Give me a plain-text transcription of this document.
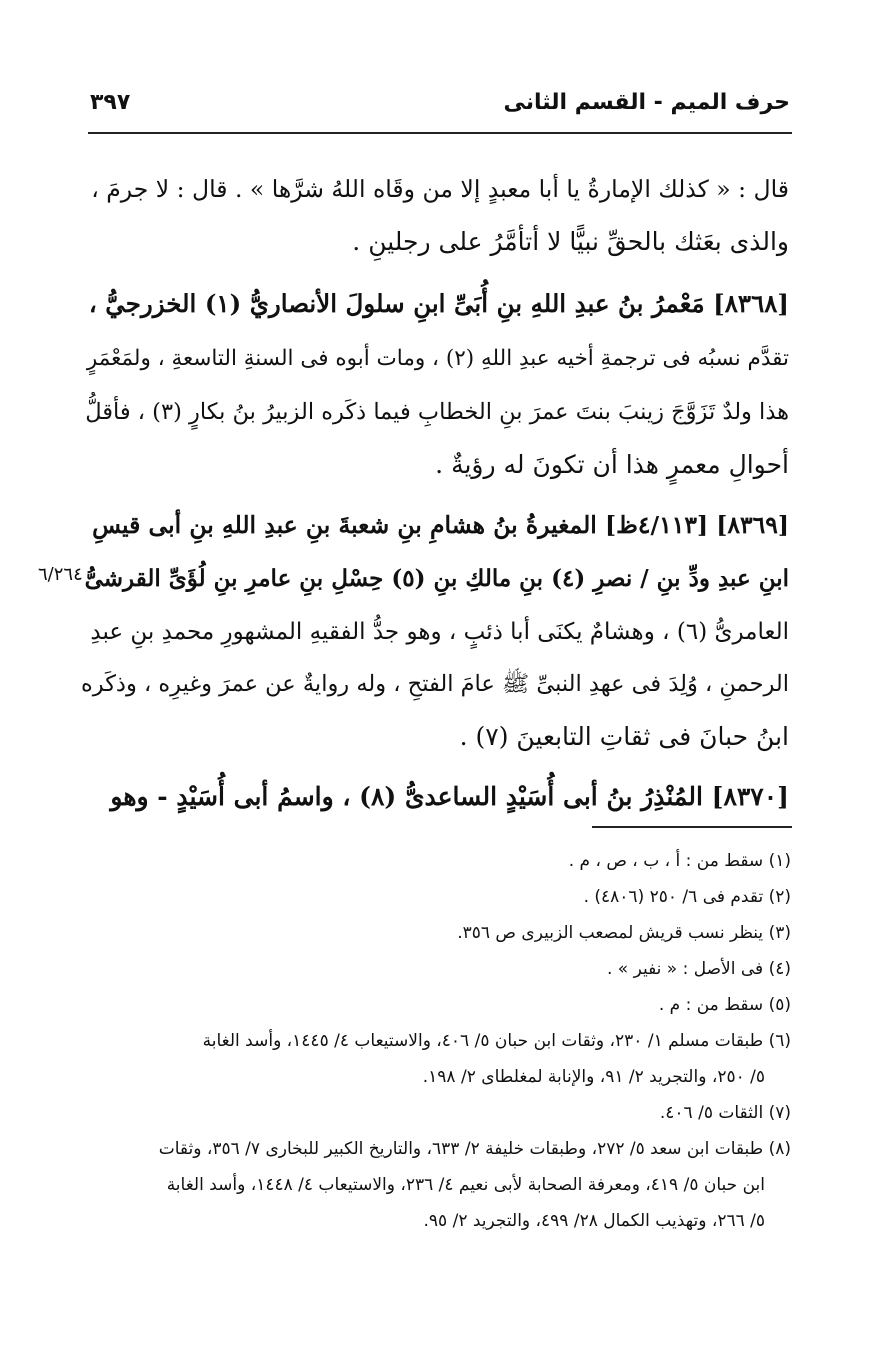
حرف الميم - القسم الثانى
٣٩٧
قال : « كذلك الإمارةُ يا أبا معبدٍ إلا من وقَاه اللهُ شرَّها » . قال : لا جرمَ ،
والذى بعَثك بالحقِّ نبيًّا لا أتأمَّرُ على رجلينِ .
[٨٣٦٨] مَعْمرُ بنُ عبدِ اللهِ بنِ أُبَىِّ ابنِ سلولَ الأنصاريُّ (١) الخزرجيُّ ،
تقدَّم نسبُه فى ترجمةِ أخيه عبدِ اللهِ (٢) ، ومات أبوه فى السنةِ التاسعةِ ، ولمَعْمَرٍ
هذا ولدٌ تَزَوَّجَ زينبَ بنتَ عمرَ بنِ الخطابِ فيما ذكَره الزبيرُ بنُ بكارٍ (٣) ، فأقلُّ
أحوالِ معمرٍ هذا أن تكونَ له رؤيةٌ .
[٨٣٦٩] [٤/١١٣ظ] المغيرةُ بنُ هشامِ بنِ شعبةَ بنِ عبدِ اللهِ بنِ أبى قيسِ
ابنِ عبدِ ودِّ بنِ / نصرِ (٤) بنِ مالكِ بنِ (٥) حِسْلِ بنِ عامرِ بنِ لُؤَىِّ القرشىُّ
العامرىُّ (٦) ، وهشامٌ يكنَى أبا ذئبٍ ، وهو جدُّ الفقيهِ المشهورِ محمدِ بنِ عبدِ
الرحمنِ ، وُلِدَ فى عهدِ النبىِّ ﷺ عامَ الفتحِ ، وله روايةٌ عن عمرَ وغيرِه ، وذكَره
ابنُ حبانَ فى ثقاتِ التابعينَ (٧) .
[٨٣٧٠] المُنْذِرُ بنُ أبى أُسَيْدٍ الساعدىُّ (٨) ، واسمُ أبى أُسَيْدٍ - وهو
٦/٢٦٤
(١) سقط من : أ ، ب ، ص ، م .
(٢) تقدم فى ٦/ ٢٥٠ (٤٨٠٦) .
(٣) ينظر نسب قريش لمصعب الزبيرى ص ٣٥٦.
(٤) فى الأصل : « نفير » .
(٥) سقط من : م .
(٦) طبقات مسلم ١/ ٢٣٠، وثقات ابن حبان ٥/ ٤٠٦، والاستيعاب ٤/ ١٤٤٥، وأسد الغابة
٥/ ٢٥٠، والتجريد ٢/ ٩١، والإنابة لمغلطاى ٢/ ١٩٨.
(٧) الثقات ٥/ ٤٠٦.
(٨) طبقات ابن سعد ٥/ ٢٧٢، وطبقات خليفة ٢/ ٦٣٣، والتاريخ الكبير للبخارى ٧/ ٣٥٦، وثقات
ابن حبان ٥/ ٤١٩، ومعرفة الصحابة لأبى نعيم ٤/ ٢٣٦، والاستيعاب ٤/ ١٤٤٨، وأسد الغابة
٥/ ٢٦٦، وتهذيب الكمال ٢٨/ ٤٩٩، والتجريد ٢/ ٩٥.
